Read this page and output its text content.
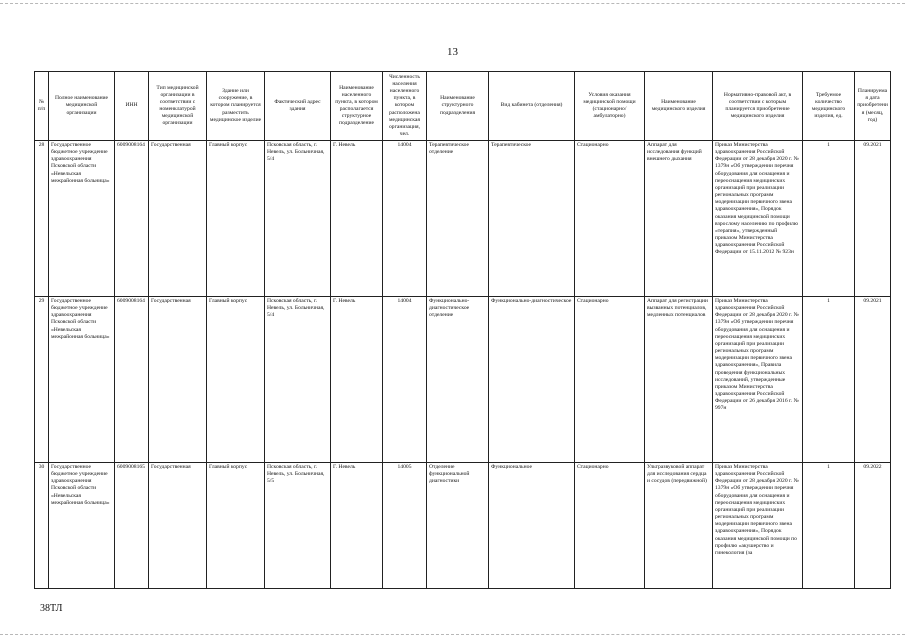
13
№ п/п	Полное наименование медицинской организации	ИНН	Тип медицинской организации в соответствии с номенклатурой медицинской организации	Здание или сооружение, в котором планируется разместить медицинское изделие	Фактический адрес здания	Наименование населенного пункта, в котором располагается структурное подразделение	Численность населения населенного пункта, в котором расположена медицинская организация, чел.	Наименование структурного подразделения	Вид кабинета (отделения)	Условия оказания медицинской помощи (стационарно/ амбулаторно)	Наименование медицинского изделия	Нормативно-правовой акт, в соответствии с которым планируется приобретение медицинского изделия	Требуемое количество медицинского изделия, ед.	Планируемая дата приобретения (месяц, год)
28	Государственное бюджетное учреждение здравоохранения Псковской области «Невельская межрайонная больница»	6009008164	Государственная	Главный корпус	Псковская область, г. Невель, ул. Больничная, 5/4	Г. Невель	14004	Терапевтическое отделение	Терапевтическое	Стационарно	Аппарат для исследования функций внешнего дыхания	Приказ Министерства здравоохранения Российской Федерации от 28 декабря 2020 г. № 1379н «Об утверждении перечня оборудования для оснащения и переоснащения медицинских организаций при реализации региональных программ модернизации первичного звена здравоохранения», Порядок оказания медицинской помощи взрослому населению по профилю «терапия», утвержденный приказом Министерства здравоохранения Российской Федерации от 15.11.2012 № 923н	1	09.2021
29	Государственное бюджетное учреждение здравоохранения Псковской области «Невельская межрайонная больница»	6009008164	Государственная	Главный корпус	Псковская область, г. Невель, ул. Больничная, 5/4	Г. Невель	14004	Функционально-диагностическое отделение	Функционально-диагностическое	Стационарно	Аппарат для регистрации вызванных потенциалов, медленных потенциалов	Приказ Министерства здравоохранения Российской Федерации от 28 декабря 2020 г. № 1379н «Об утверждении перечня оборудования для оснащения и переоснащения медицинских организаций при реализации региональных программ модернизации первичного звена здравоохранения», Правила проведения функциональных исследований, утвержденные приказом Министерства здравоохранения Российской Федерации от 26 декабря 2016 г. № 997н	1	09.2021
30	Государственное бюджетное учреждение здравоохранения Псковской области «Невельская межрайонная больница»	6009008165	Государственная	Главный корпус	Псковская область, г. Невель, ул. Больничная, 5/5	Г. Невель	14005	Отделение функциональной диагностики	Функциональное	Стационарно	Ультразвуковой аппарат для исследования сердца и сосудов (передвижной)	Приказ Министерства здравоохранения Российской Федерации от 28 декабря 2020 г. № 1379н «Об утверждении перечня оборудования для оснащения и переоснащения медицинских организаций при реализации региональных программ модернизации первичного звена здравоохранения», Порядок оказания медицинской помощи по профилю «акушерство и гинекология (за	1	09.2022
38ТЛ
